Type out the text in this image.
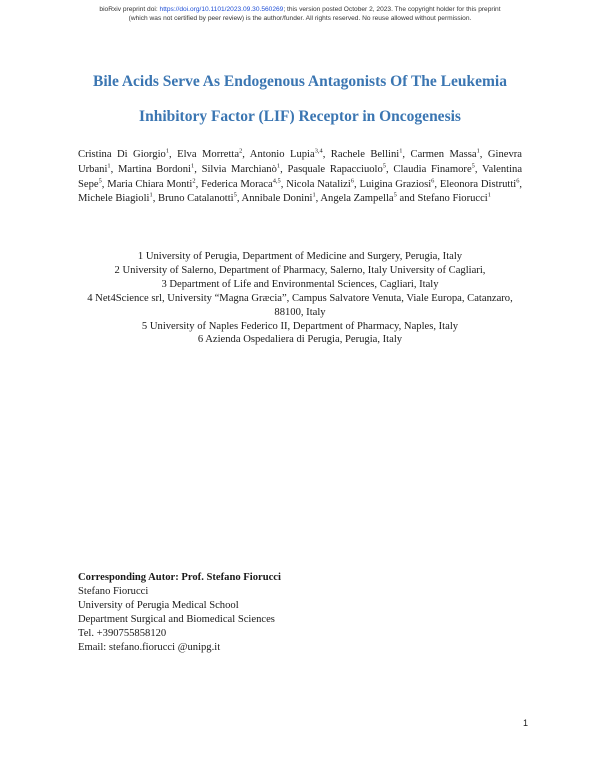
bioRxiv preprint doi: https://doi.org/10.1101/2023.09.30.560269; this version posted October 2, 2023. The copyright holder for this preprint
(which was not certified by peer review) is the author/funder. All rights reserved. No reuse allowed without permission.
Bile Acids Serve As Endogenous Antagonists Of The Leukemia
Inhibitory Factor (LIF) Receptor in Oncogenesis

Cristina Di Giorgio$^1$, Elva Morretta$^2$, Antonio Lupia$^{3,4}$, Rachele Bellini$^1$, Carmen Massa$^1$, Ginevra Urbani$^1$, Martina Bordoni$^1$, Silvia Marchianò$^1$, Pasquale Rapacciuolo$^5$, Claudia Finamore$^5$, Valentina Sepe$^5$, Maria Chiara Monti$^2$, Federica Moraca$^{4,5}$, Nicola Natalizi$^6$, Luigina Graziosi$^6$, Eleonora Distrutti$^6$, Michele Biagioli$^1$, Bruno Catalanotti$^5$, Annibale Donini$^1$, Angela Zampella$^5$ and Stefano Fiorucci$^1$

1 University of Perugia, Department of Medicine and Surgery, Perugia, Italy
2 University of Salerno, Department of Pharmacy, Salerno, Italy University of Cagliari,
3 Department of Life and Environmental Sciences, Cagliari, Italy
4 Net4Science srl, University “Magna Græcia”, Campus Salvatore Venuta, Viale Europa, Catanzaro,
88100, Italy
5 University of Naples Federico II, Department of Pharmacy, Naples, Italy
6 Azienda Ospedaliera di Perugia, Perugia, Italy
Corresponding Autor: Prof. Stefano Fiorucci
Stefano Fiorucci
University of Perugia Medical School
Department Surgical and Biomedical Sciences
Tel. +390755858120
Email: stefano.fiorucci @unipg.it
1
